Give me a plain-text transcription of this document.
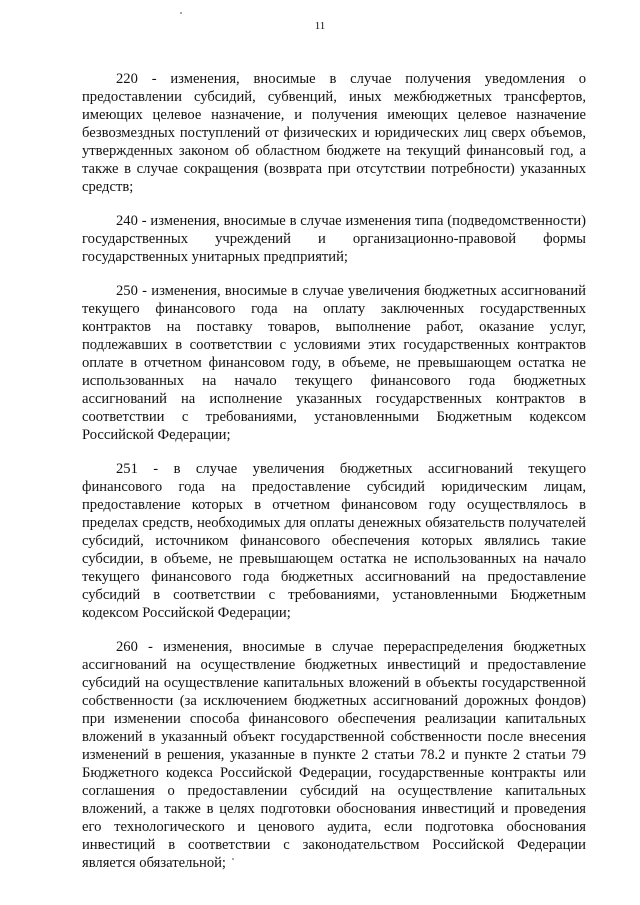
11

220 - изменения, вносимые в случае получения уведомления о предоставлении субсидий, субвенций, иных межбюджетных трансфертов, имеющих целевое назначение, и получения имеющих целевое назначение безвозмездных поступлений от физических и юридических лиц сверх объемов, утвержденных законом об областном бюджете на текущий финансовый год, а также в случае сокращения (возврата при отсутствии потребности) указанных средств;

240 - изменения, вносимые в случае изменения типа (подведомственности) государственных учреждений и организационно-правовой формы государственных унитарных предприятий;

250 - изменения, вносимые в случае увеличения бюджетных ассигнований текущего финансового года на оплату заключенных государственных контрактов на поставку товаров, выполнение работ, оказание услуг, подлежавших в соответствии с условиями этих государственных контрактов оплате в отчетном финансовом году, в объеме, не превышающем остатка не использованных на начало текущего финансового года бюджетных ассигнований на исполнение указанных государственных контрактов в соответствии с требованиями, установленными Бюджетным кодексом Российской Федерации;

251 - в случае увеличения бюджетных ассигнований текущего финансового года на предоставление субсидий юридическим лицам, предоставление которых в отчетном финансовом году осуществлялось в пределах средств, необходимых для оплаты денежных обязательств получателей субсидий, источником финансового обеспечения которых являлись такие субсидии, в объеме, не превышающем остатка не использованных на начало текущего финансового года бюджетных ассигнований на предоставление субсидий в соответствии с требованиями, установленными Бюджетным кодексом Российской Федерации;

260 - изменения, вносимые в случае перераспределения бюджетных ассигнований на осуществление бюджетных инвестиций и предоставление субсидий на осуществление капитальных вложений в объекты государственной собственности (за исключением бюджетных ассигнований дорожных фондов) при изменении способа финансового обеспечения реализации капитальных вложений в указанный объект государственной собственности после внесения изменений в решения, указанные в пункте 2 статьи 78.2 и пункте 2 статьи 79 Бюджетного кодекса Российской Федерации, государственные контракты или соглашения о предоставлении субсидий на осуществление капитальных вложений, а также в целях подготовки обоснования инвестиций и проведения его технологического и ценового аудита, если подготовка обоснования инвестиций в соответствии с законодательством Российской Федерации является обязательной;
